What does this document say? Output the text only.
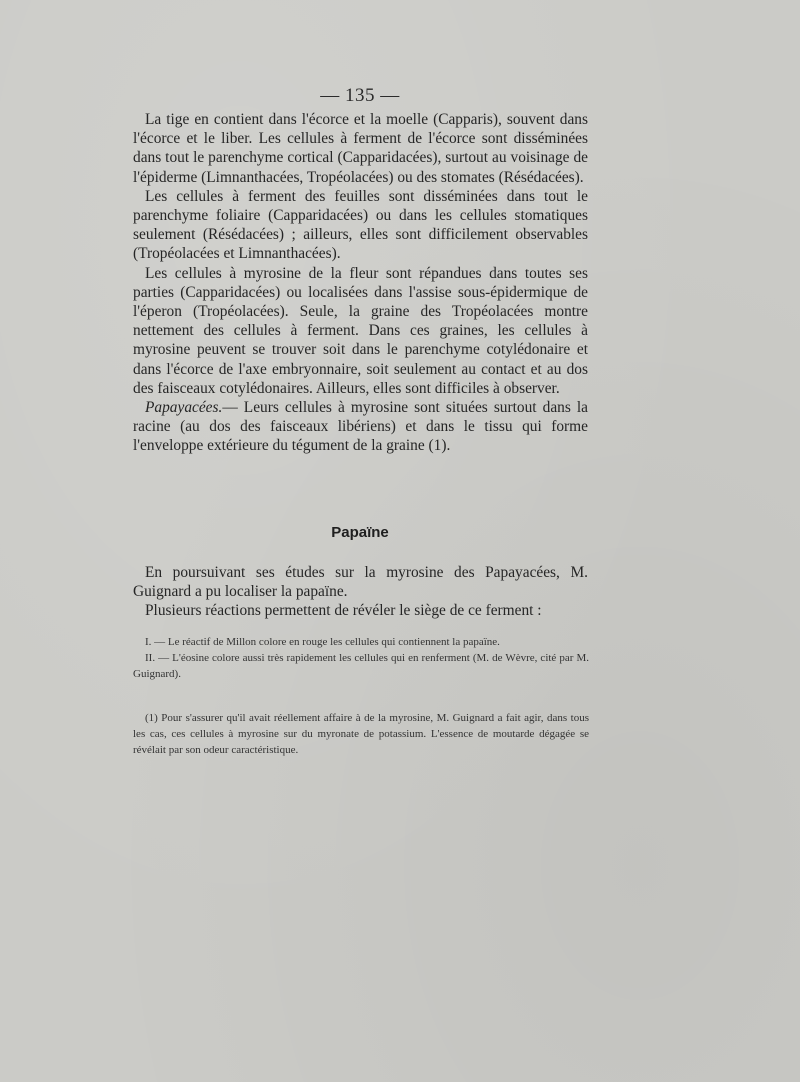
— 135 —

La tige en contient dans l'écorce et la moelle (Capparis), souvent dans l'écorce et le liber. Les cellules à ferment de l'écorce sont disséminées dans tout le parenchyme cortical (Capparidacées), surtout au voisinage de l'épiderme (Limnanthacées, Tropéolacées) ou des stomates (Résédacées).

Les cellules à ferment des feuilles sont disséminées dans tout le parenchyme foliaire (Capparidacées) ou dans les cellules stomatiques seulement (Résédacées) ; ailleurs, elles sont difficilement observables (Tropéolacées et Limnanthacées).

Les cellules à myrosine de la fleur sont répandues dans toutes ses parties (Capparidacées) ou localisées dans l'assise sous-épidermique de l'éperon (Tropéolacées). Seule, la graine des Tropéolacées montre nettement des cellules à ferment. Dans ces graines, les cellules à myrosine peuvent se trouver soit dans le parenchyme cotylédonaire et dans l'écorce de l'axe embryonnaire, soit seulement au contact et au dos des faisceaux cotylédonaires. Ailleurs, elles sont difficiles à observer.

Papayacées.— Leurs cellules à myrosine sont situées surtout dans la racine (au dos des faisceaux libériens) et dans le tissu qui forme l'enveloppe extérieure du tégument de la graine (1).

Papaïne

En poursuivant ses études sur la myrosine des Papayacées, M. Guignard a pu localiser la papaïne.

Plusieurs réactions permettent de révéler le siège de ce ferment :

I. — Le réactif de Millon colore en rouge les cellules qui contiennent la papaïne.

II. — L'éosine colore aussi très rapidement les cellules qui en renferment (M. de Wèvre, cité par M. Guignard).

(1) Pour s'assurer qu'il avait réellement affaire à de la myrosine, M. Guignard a fait agir, dans tous les cas, ces cellules à myrosine sur du myronate de potassium. L'essence de moutarde dégagée se révélait par son odeur caractéristique.
